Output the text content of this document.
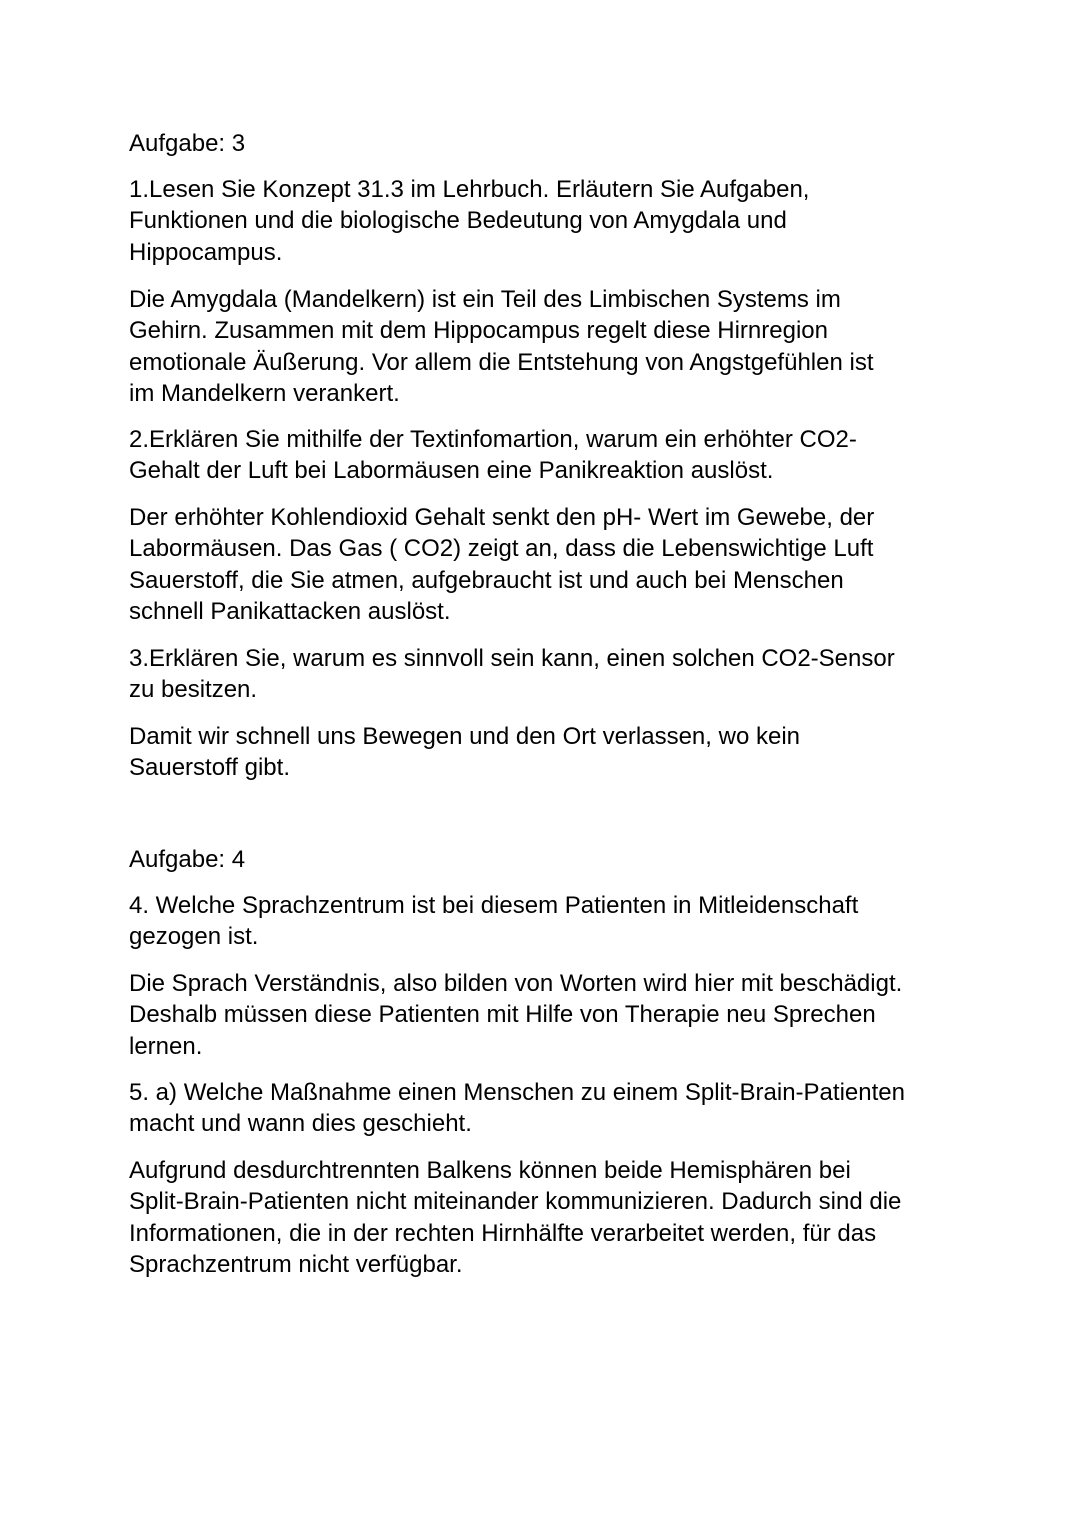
Aufgabe: 3

1.Lesen Sie Konzept 31.3 im Lehrbuch. Erläutern Sie Aufgaben,
Funktionen und die biologische Bedeutung von Amygdala und
Hippocampus.

Die Amygdala (Mandelkern) ist ein Teil des Limbischen Systems im
Gehirn. Zusammen mit dem Hippocampus regelt diese Hirnregion
emotionale Äußerung. Vor allem die Entstehung von Angstgefühlen ist
im Mandelkern verankert.

2.Erklären Sie mithilfe der Textinfomartion, warum ein erhöhter CO2-
Gehalt der Luft bei Labormäusen eine Panikreaktion auslöst.

Der erhöhter Kohlendioxid Gehalt senkt den pH- Wert im Gewebe, der
Labormäusen. Das Gas ( CO2) zeigt an, dass die Lebenswichtige Luft
Sauerstoff, die Sie atmen, aufgebraucht ist und auch bei Menschen
schnell Panikattacken auslöst.

3.Erklären Sie, warum es sinnvoll sein kann, einen solchen CO2-Sensor
zu besitzen.

Damit wir schnell uns Bewegen und den Ort verlassen, wo kein
Sauerstoff gibt.

Aufgabe: 4

4. Welche Sprachzentrum ist bei diesem Patienten in Mitleidenschaft
gezogen ist.

Die Sprach Verständnis, also bilden von Worten wird hier mit beschädigt.
Deshalb müssen diese Patienten mit Hilfe von Therapie neu Sprechen
lernen.

5. a) Welche Maßnahme einen Menschen zu einem Split-Brain-Patienten
macht und wann dies geschieht.

Aufgrund desdurchtrennten Balkens können beide Hemisphären bei
Split-Brain-Patienten nicht miteinander kommunizieren. Dadurch sind die
Informationen, die in der rechten Hirnhälfte verarbeitet werden, für das
Sprachzentrum nicht verfügbar.
